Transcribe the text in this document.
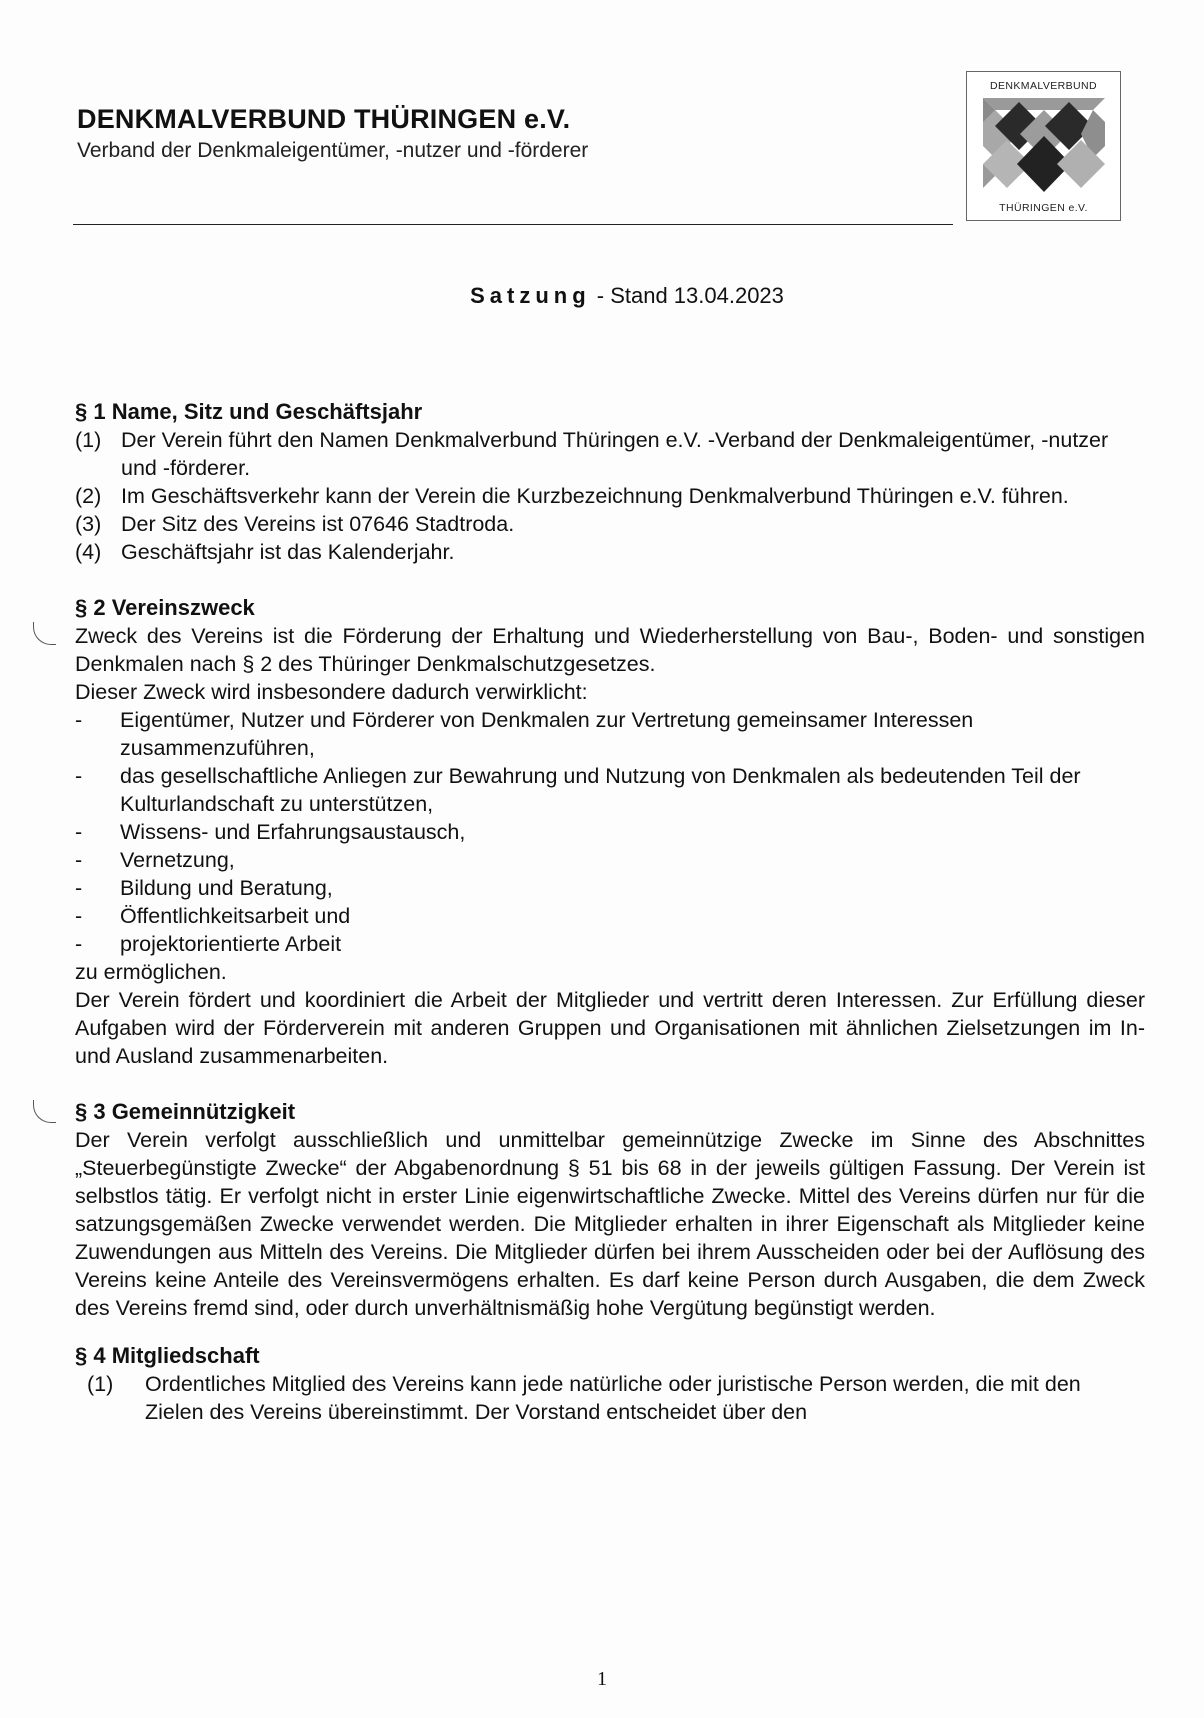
DENKMALVERBUND THÜRINGEN e.V.
Verband der Denkmaleigentümer, -nutzer und -förderer
DENKMALVERBUND
THÜRINGEN e.V.
Satzung - Stand 13.04.2023

§ 1 Name, Sitz und Geschäftsjahr

(1) Der Verein führt den Namen Denkmalverbund Thüringen e.V. -Verband der Denkmaleigentümer, -nutzer und -förderer.
(2) Im Geschäftsverkehr kann der Verein die Kurzbezeichnung Denkmalverbund Thüringen e.V. führen.
(3) Der Sitz des Vereins ist 07646 Stadtroda.
(4) Geschäftsjahr ist das Kalenderjahr.

§ 2 Vereinszweck

Zweck des Vereins ist die Förderung der Erhaltung und Wiederherstellung von Bau-, Boden- und sonstigen Denkmalen nach § 2 des Thüringer Denkmalschutzgesetzes.

Dieser Zweck wird insbesondere dadurch verwirklicht:

-	Eigentümer, Nutzer und Förderer von Denkmalen zur Vertretung gemeinsamer Interessen zusammenzuführen,
-	das gesellschaftliche Anliegen zur Bewahrung und Nutzung von Denkmalen als bedeutenden Teil der Kulturlandschaft zu unterstützen,
-	Wissens- und Erfahrungsaustausch,
-	Vernetzung,
-	Bildung und Beratung,
-	Öffentlichkeitsarbeit und
-	projektorientierte Arbeit

zu ermöglichen.

Der Verein fördert und koordiniert die Arbeit der Mitglieder und vertritt deren Interessen. Zur Erfüllung dieser Aufgaben wird der Förderverein mit anderen Gruppen und Organisationen mit ähnlichen Zielsetzungen im In- und Ausland zusammenarbeiten.

§ 3 Gemeinnützigkeit

Der Verein verfolgt ausschließlich und unmittelbar gemeinnützige Zwecke im Sinne des Abschnittes „Steuerbegünstigte Zwecke“ der Abgabenordnung § 51 bis 68 in der jeweils gültigen Fassung. Der Verein ist selbstlos tätig. Er verfolgt nicht in erster Linie eigenwirtschaftliche Zwecke. Mittel des Vereins dürfen nur für die satzungsgemäßen Zwecke verwendet werden. Die Mitglieder erhalten in ihrer Eigenschaft als Mitglieder keine Zuwendungen aus Mitteln des Vereins. Die Mitglieder dürfen bei ihrem Ausscheiden oder bei der Auflösung des Vereins keine Anteile des Vereinsvermögens erhalten. Es darf keine Person durch Ausgaben, die dem Zweck des Vereins fremd sind, oder durch unverhältnismäßig hohe Vergütung begünstigt werden.

§ 4 Mitgliedschaft

(1)	Ordentliches Mitglied des Vereins kann jede natürliche oder juristische Person werden, die mit den Zielen des Vereins übereinstimmt. Der Vorstand entscheidet über den
1
